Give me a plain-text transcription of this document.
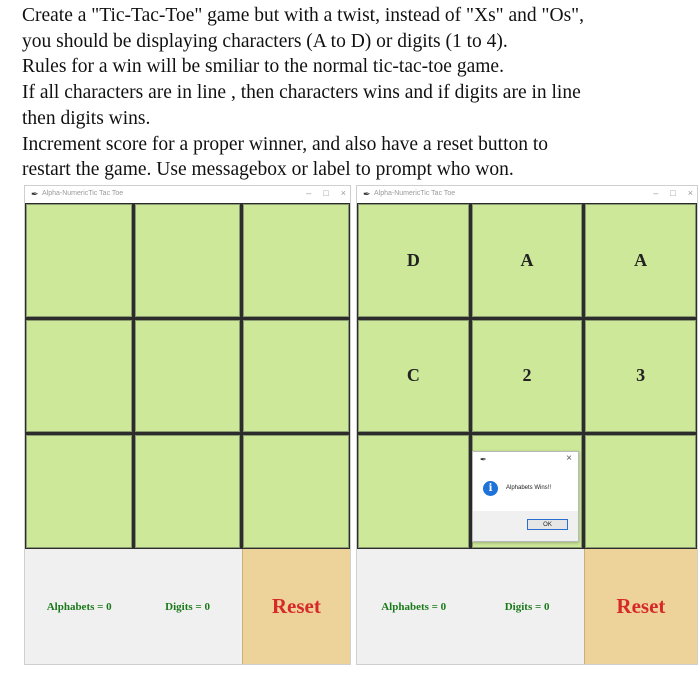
Create a "Tic-Tac-Toe" game but with a twist, instead of "Xs" and "Os",
you should be displaying characters (A to D) or digits (1 to 4).
Rules for a win will be smiliar to the normal tic-tac-toe game.
If all characters are in line , then characters wins and if digits are in line
then digits wins.
Increment score for a proper winner, and also have a reset button to
restart the game. Use messagebox or label to prompt who won.
✒ Alpha-NumericTic Tac Toe	– □ ×
Alphabets = 0	Digits = 0	Reset
✒ Alpha-NumericTic Tac Toe	– □ ×
D	A	A
C	2	3
Alphabets = 0	Digits = 0	Reset
✒	×
i	Alphabets Wins!!
OK
